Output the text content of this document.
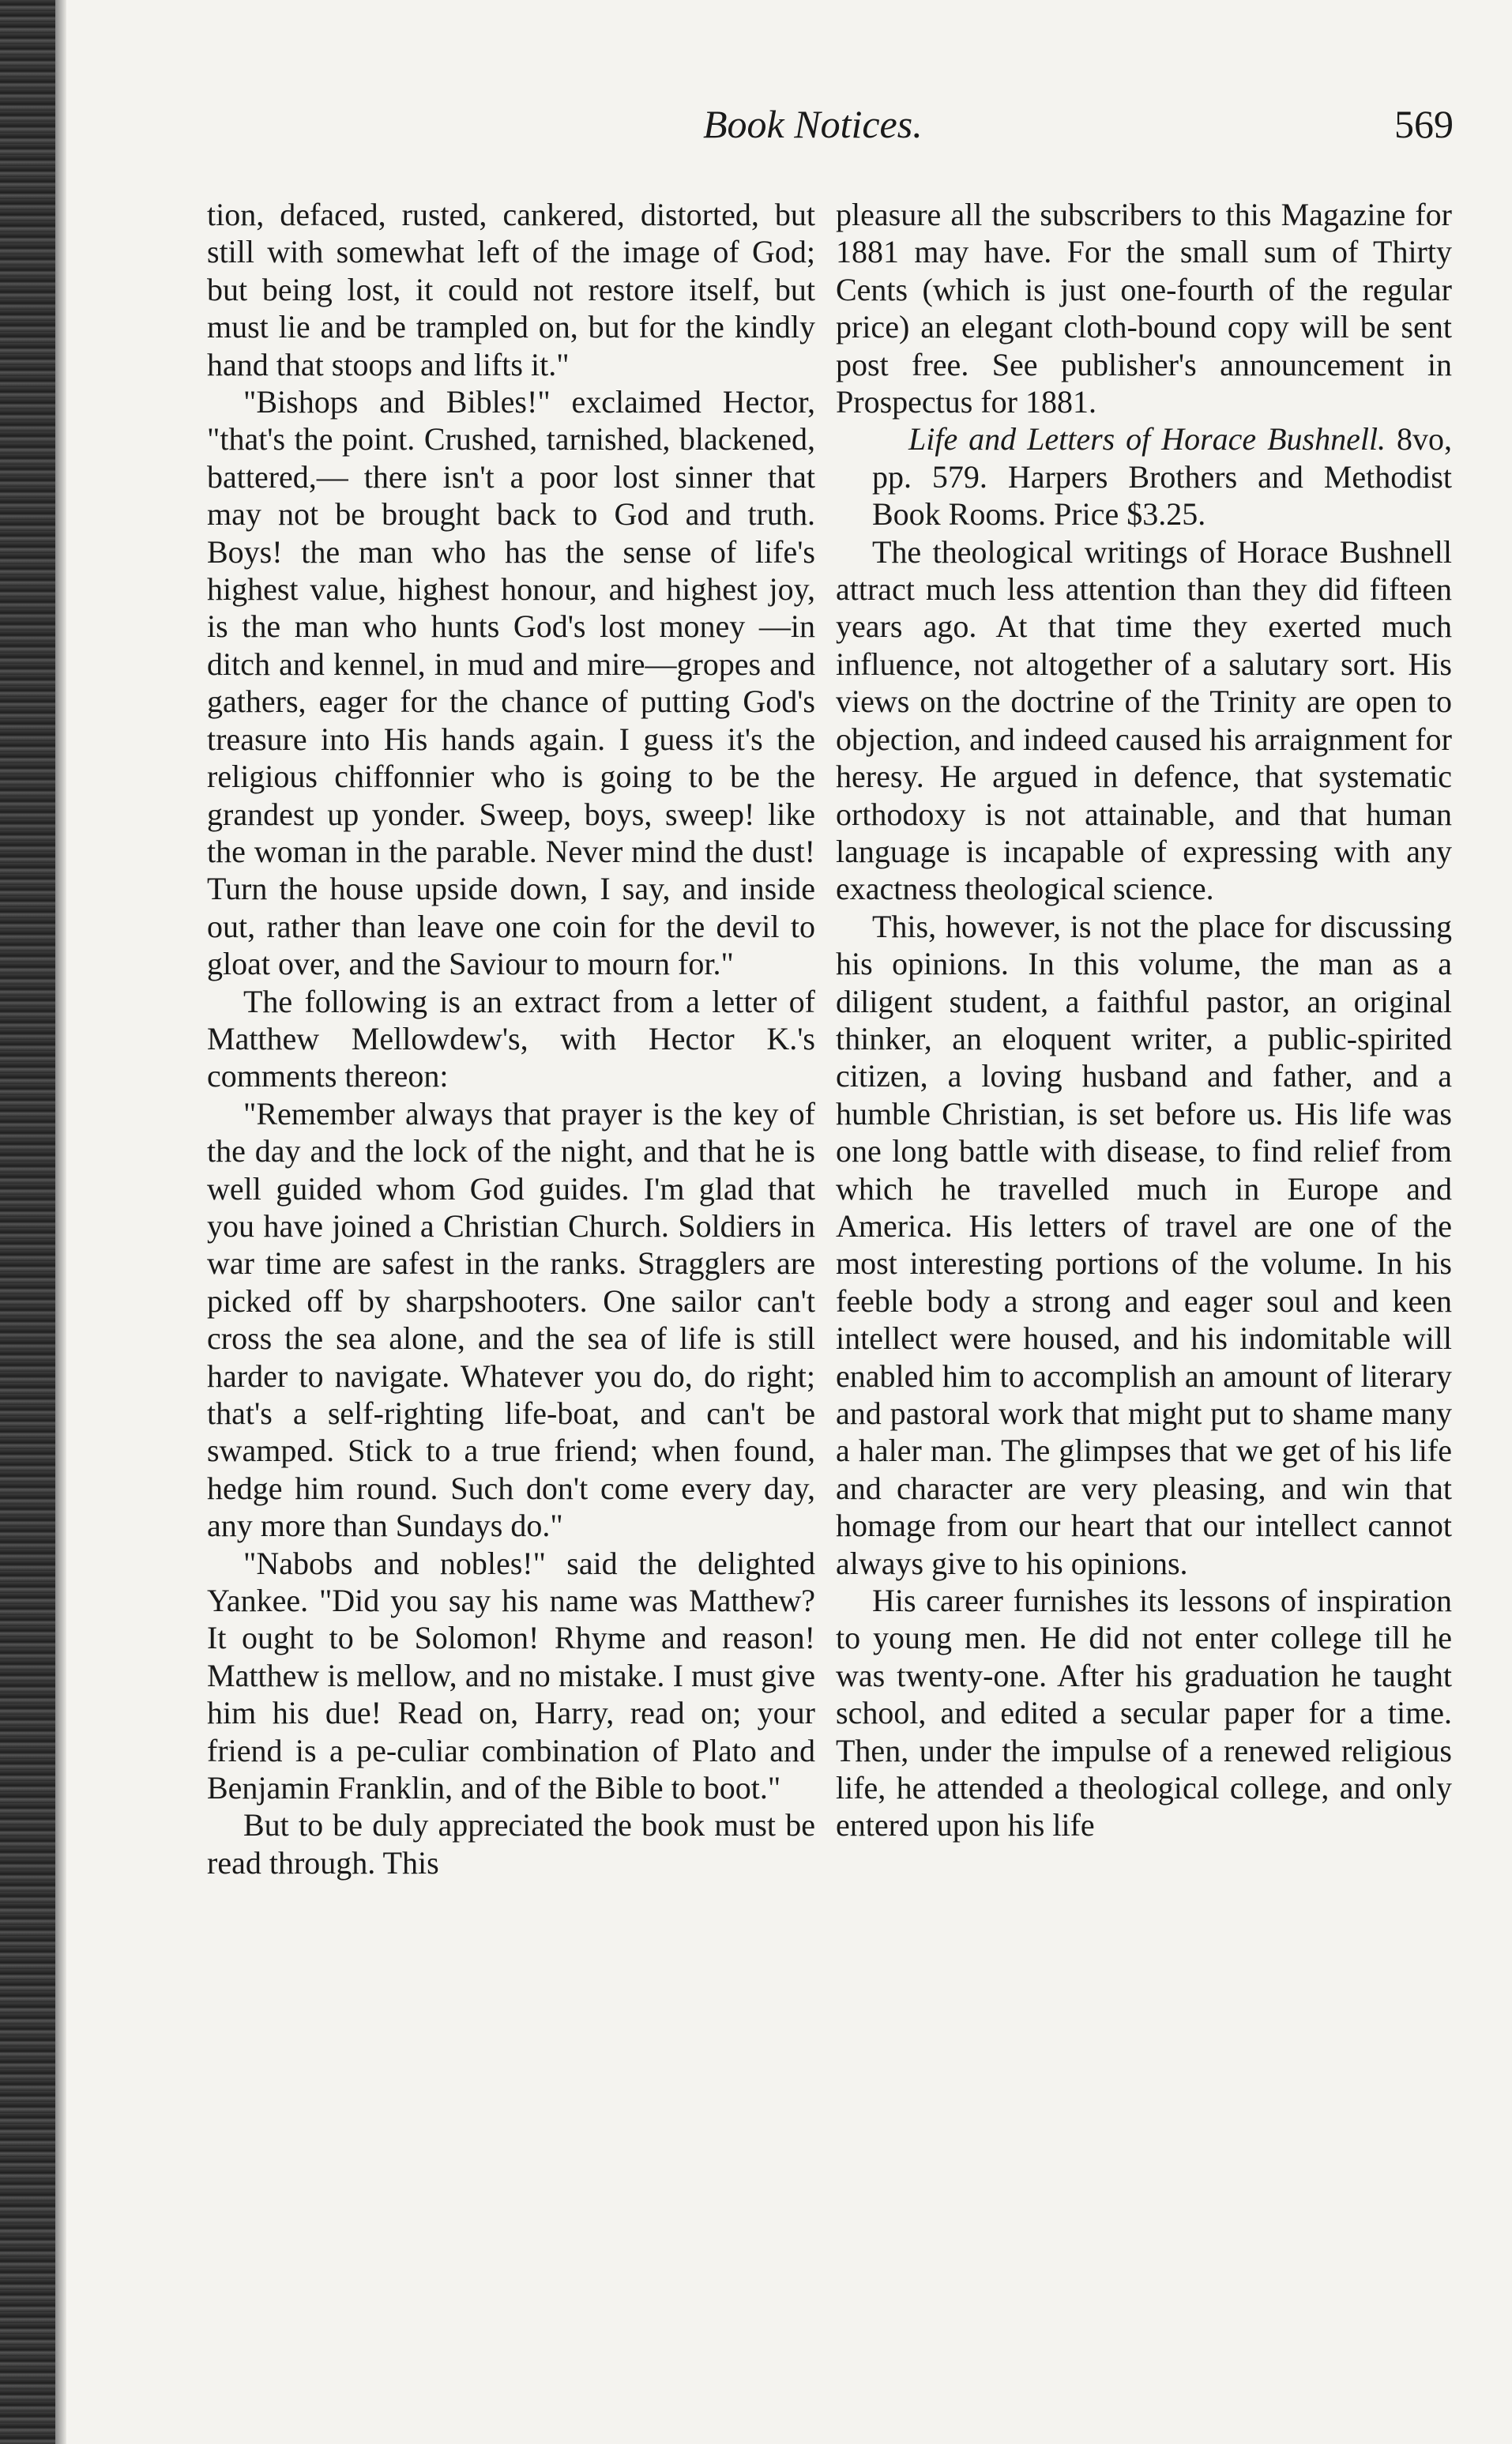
Book Notices.	569

tion, defaced, rusted, cankered, distorted, but still with somewhat left of the image of God; but being lost, it could not restore itself, but must lie and be trampled on, but for the kindly hand that stoops and lifts it."

"Bishops and Bibles!" exclaimed Hector, "that's the point. Crushed, tarnished, blackened, battered,— there isn't a poor lost sinner that may not be brought back to God and truth. Boys! the man who has the sense of life's highest value, highest honour, and highest joy, is the man who hunts God's lost money —in ditch and kennel, in mud and mire—gropes and gathers, eager for the chance of putting God's treasure into His hands again. I guess it's the religious chiffonnier who is going to be the grandest up yonder. Sweep, boys, sweep! like the woman in the parable. Never mind the dust! Turn the house upside down, I say, and inside out, rather than leave one coin for the devil to gloat over, and the Saviour to mourn for."

The following is an extract from a letter of Matthew Mellowdew's, with Hector K.'s comments thereon:

"Remember always that prayer is the key of the day and the lock of the night, and that he is well guided whom God guides. I'm glad that you have joined a Christian Church. Soldiers in war time are safest in the ranks. Stragglers are picked off by sharpshooters. One sailor can't cross the sea alone, and the sea of life is still harder to navigate. Whatever you do, do right; that's a self-righting life-boat, and can't be swamped. Stick to a true friend; when found, hedge him round. Such don't come every day, any more than Sundays do."

"Nabobs and nobles!" said the delighted Yankee. "Did you say his name was Matthew? It ought to be Solomon! Rhyme and reason! Matthew is mellow, and no mistake. I must give him his due! Read on, Harry, read on; your friend is a pe-culiar combination of Plato and Benjamin Franklin, and of the Bible to boot."

But to be duly appreciated the book must be read through. This

pleasure all the subscribers to this Magazine for 1881 may have. For the small sum of Thirty Cents (which is just one-fourth of the regular price) an elegant cloth-bound copy will be sent post free. See publisher's announcement in Prospectus for 1881.

Life and Letters of Horace Bushnell. 8vo, pp. 579. Harpers Brothers and Methodist Book Rooms. Price $3.25.

The theological writings of Horace Bushnell attract much less attention than they did fifteen years ago. At that time they exerted much influence, not altogether of a salutary sort. His views on the doctrine of the Trinity are open to objection, and indeed caused his arraignment for heresy. He argued in defence, that systematic orthodoxy is not attainable, and that human language is incapable of expressing with any exactness theological science.

This, however, is not the place for discussing his opinions. In this volume, the man as a diligent student, a faithful pastor, an original thinker, an eloquent writer, a public-spirited citizen, a loving husband and father, and a humble Christian, is set before us. His life was one long battle with disease, to find relief from which he travelled much in Europe and America. His letters of travel are one of the most interesting portions of the volume. In his feeble body a strong and eager soul and keen intellect were housed, and his indomitable will enabled him to accomplish an amount of literary and pastoral work that might put to shame many a haler man. The glimpses that we get of his life and character are very pleasing, and win that homage from our heart that our intellect cannot always give to his opinions.

His career furnishes its lessons of inspiration to young men. He did not enter college till he was twenty-one. After his graduation he taught school, and edited a secular paper for a time. Then, under the impulse of a renewed religious life, he attended a theological college, and only entered upon his life
